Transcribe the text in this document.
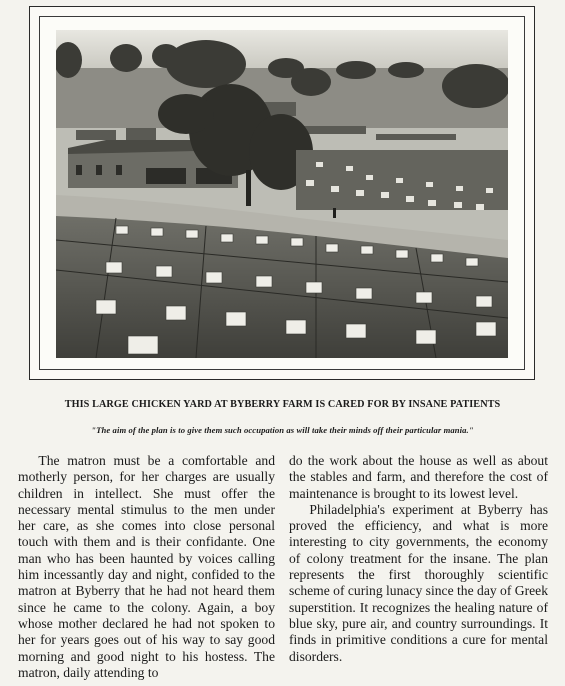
THIS LARGE CHICKEN YARD AT BYBERRY FARM IS CARED FOR BY INSANE PATIENTS
"The aim of the plan is to give them such occupation as will take their minds off their particular mania."

The matron must be a comfortable and motherly person, for her charges are usually children in intellect. She must offer the necessary mental stimulus to the men under her care, as she comes into close personal touch with them and is their confidante. One man who has been haunted by voices calling him incessantly day and night, confided to the matron at Byberry that he had not heard them since he came to the colony. Again, a boy whose mother declared he had not spoken to her for years goes out of his way to say good morning and good night to his hostess. The matron, daily attending to

do the work about the house as well as about the stables and farm, and therefore the cost of maintenance is brought to its lowest level.

Philadelphia's experiment at Byberry has proved the efficiency, and what is more interesting to city governments, the economy of colony treatment for the insane. The plan represents the first thoroughly scientific scheme of curing lunacy since the day of Greek superstition. It recognizes the healing nature of blue sky, pure air, and country surroundings. It finds in primitive conditions a cure for mental disorders.
